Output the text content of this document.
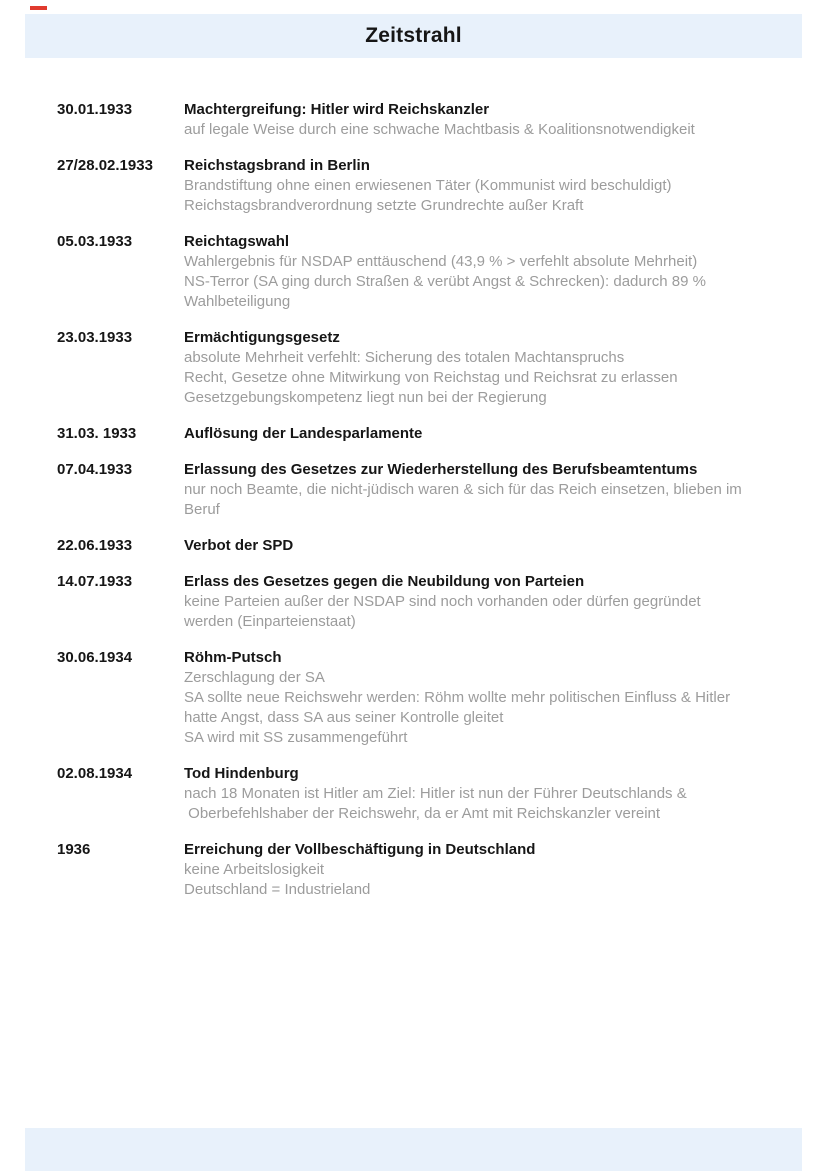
Zeitstrahl
30.01.1933	Machtergreifung: Hitler wird Reichskanzler
auf legale Weise durch eine schwache Machtbasis & Koalitionsnotwendigkeit
27/28.02.1933	Reichstagsbrand in Berlin
Brandstiftung ohne einen erwiesenen Täter (Kommunist wird beschuldigt)
Reichstagsbrandverordnung setzte Grundrechte außer Kraft
05.03.1933	Reichtagswahl
Wahlergebnis für NSDAP enttäuschend (43,9 % > verfehlt absolute Mehrheit)
NS-Terror (SA ging durch Straßen & verübt Angst & Schrecken): dadurch 89 %
Wahlbeteiligung
23.03.1933	Ermächtigungsgesetz
absolute Mehrheit verfehlt: Sicherung des totalen Machtanspruchs
Recht, Gesetze ohne Mitwirkung von Reichstag und Reichsrat zu erlassen
Gesetzgebungskompetenz liegt nun bei der Regierung
31.03. 1933	Auflösung der Landesparlamente
07.04.1933	Erlassung des Gesetzes zur Wiederherstellung des Berufsbeamtentums
nur noch Beamte, die nicht-jüdisch waren & sich für das Reich einsetzen, blieben im
Beruf
22.06.1933	Verbot der SPD
14.07.1933	Erlass des Gesetzes gegen die Neubildung von Parteien
keine Parteien außer der NSDAP sind noch vorhanden oder dürfen gegründet
werden (Einparteienstaat)
30.06.1934	Röhm-Putsch
Zerschlagung der SA
SA sollte neue Reichswehr werden: Röhm wollte mehr politischen Einfluss & Hitler
hatte Angst, dass SA aus seiner Kontrolle gleitet
SA wird mit SS zusammengeführt
02.08.1934	Tod Hindenburg
nach 18 Monaten ist Hitler am Ziel: Hitler ist nun der Führer Deutschlands &
Oberbefehlshaber der Reichswehr, da er Amt mit Reichskanzler vereint
1936	Erreichung der Vollbeschäftigung in Deutschland
keine Arbeitslosigkeit
Deutschland = Industrieland
